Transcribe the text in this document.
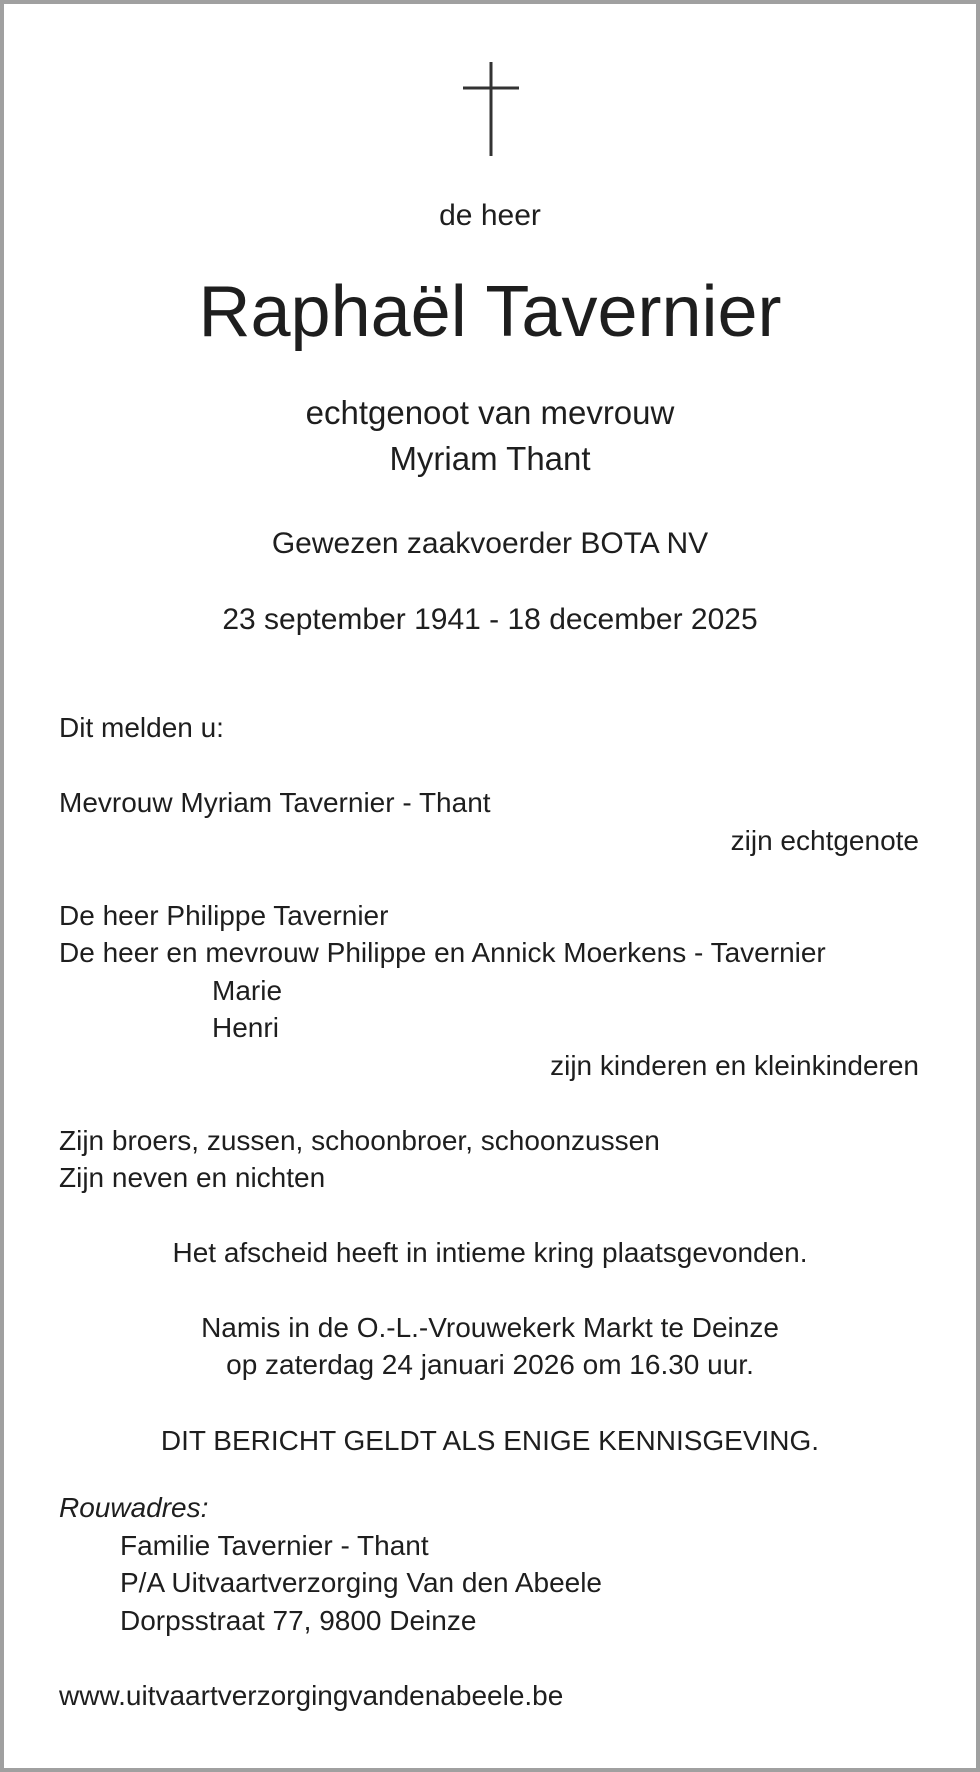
de heer
Raphaël Tavernier
echtgenoot van mevrouw
Myriam Thant
Gewezen zaakvoerder BOTA NV
23 september 1941 - 18 december 2025
Dit melden u:
Mevrouw Myriam Tavernier - Thant
zijn echtgenote
De heer Philippe Tavernier
De heer en mevrouw Philippe en Annick Moerkens - Tavernier
Marie
Henri
zijn kinderen en kleinkinderen
Zijn broers, zussen, schoonbroer, schoonzussen
Zijn neven en nichten
Het afscheid heeft in intieme kring plaatsgevonden.
Namis in de O.-L.-Vrouwekerk Markt te Deinze
op zaterdag 24 januari 2026 om 16.30 uur.
DIT BERICHT GELDT ALS ENIGE KENNISGEVING.
Rouwadres:
Familie Tavernier - Thant
P/A Uitvaartverzorging Van den Abeele
Dorpsstraat 77, 9800 Deinze
www.uitvaartverzorgingvandenabeele.be
